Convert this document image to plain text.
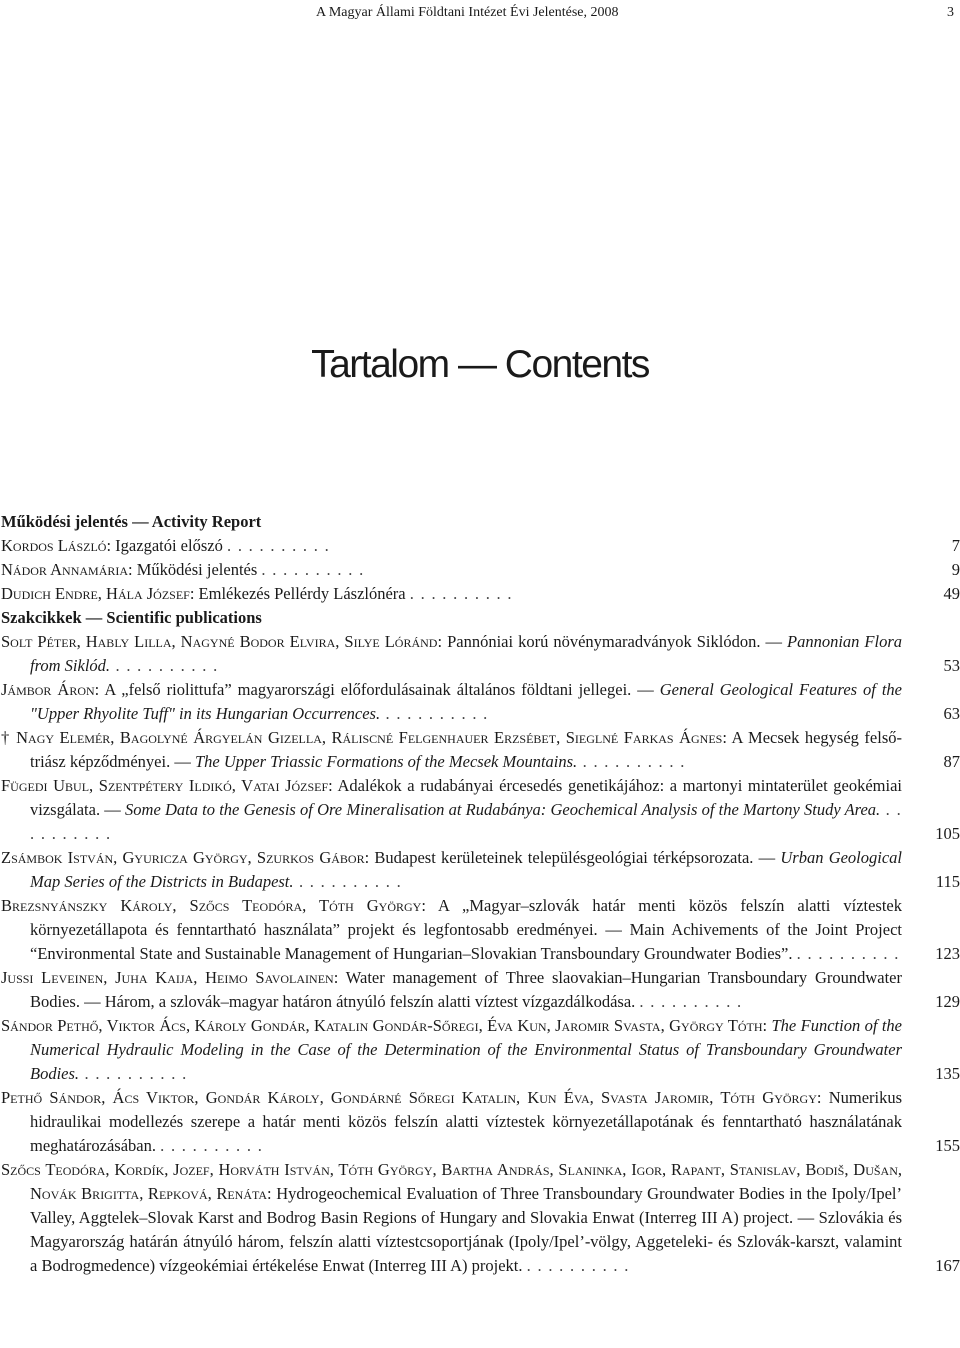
A Magyar Állami Földtani Intézet Évi Jelentése, 2008	3
Tartalom — Contents
Működési jelentés — Activity Report
Kordos László: Igazgatói előszó . . . . . . . . . .	7
Nádor Annamária: Működési jelentés . . . . . . . . . .	9
Dudich Endre, Hála József: Emlékezés Pellérdy Lászlónéra . . . . . . . . . .	49
Szakcikkek — Scientific publications
Solt Péter, Hably Lilla, Nagyné Bodor Elvira, Silye Lóránd: Pannóniai korú növénymaradványok Siklódon. — Pannonian Flora from Siklód. . . . . . . . . . .	53
Jámbor Áron: A „felső riolittufa” magyarországi előfordulásainak általános földtani jellegei. — General Geological Features of the "Upper Rhyolite Tuff" in its Hungarian Occurrences. . . . . . . . . . .	63
† Nagy Elemér, Bagolyné Árgyelán Gizella, Ráliscné Felgenhauer Erzsébet, Sieglné Farkas Ágnes: A Mecsek hegység felső-triász képződményei. — The Upper Triassic Formations of the Mecsek Mountains. . . . . . . . . . .	87
Fügedi Ubul, Szentpétery Ildikó, Vatai József: Adalékok a rudabányai ércesedés genetikájához: a martonyi mintaterület geokémiai vizsgálata. — Some Data to the Genesis of Ore Mineralisation at Rudabánya: Geochemical Analysis of the Martony Study Area. . . . . . . . . . .	105
Zsámbok István, Gyuricza György, Szurkos Gábor: Budapest kerületeinek településgeológiai térképsorozata. — Urban Geological Map Series of the Districts in Budapest. . . . . . . . . . .	115
Brezsnyánszky Károly, Szőcs Teodóra, Tóth György: A „Magyar–szlovák határ menti közös felszín alatti víztestek környezetállapota és fenntartható használata” projekt és legfontosabb eredményei. — Main Achivements of the Joint Project “Environmental State and Sustainable Management of Hungarian–Slovakian Transboundary Groundwater Bodies”. . . . . . . . . . .	123
Jussi Leveinen, Juha Kaija, Heimo Savolainen: Water management of Three slaovakian–Hungarian Transboundary Groundwater Bodies. — Három, a szlovák–magyar határon átnyúló felszín alatti víztest vízgazdálkodása. . . . . . . . . . .	129
Sándor Pethő, Viktor Ács, Károly Gondár, Katalin Gondár-Sőregi, Éva Kun, Jaromir Svasta, György Tóth: The Function of the Numerical Hydraulic Modeling in the Case of the Determination of the Environmental Status of Transboundary Groundwater Bodies. . . . . . . . . . .	135
Pethő Sándor, Ács Viktor, Gondár Károly, Gondárné Sőregi Katalin, Kun Éva, Svasta Jaromir, Tóth György: Numerikus hidraulikai modellezés szerepe a határ menti közös felszín alatti víztestek környezetállapotának és fenntartható használatának meghatározásában. . . . . . . . . . .	155
Szőcs Teodóra, Kordík, Jozef, Horváth István, Tóth György, Bartha András, Slaninka, Igor, Rapant, Stanislav, Bodiš, Dušan, Novák Brigitta, Repková, Renáta: Hydrogeochemical Evaluation of Three Transboundary Groundwater Bodies in the Ipoly/Ipel’ Valley, Aggtelek–Slovak Karst and Bodrog Basin Regions of Hungary and Slovakia Enwat (Interreg III A) project. — Szlovákia és Magyarország határán átnyúló három, felszín alatti víztestcsoportjának (Ipoly/Ipel’-völgy, Aggeteleki- és Szlovák-karszt, valamint a Bodrogmedence) vízgeokémiai értékelése Enwat (Interreg III A) projekt. . . . . . . . . . .	167
